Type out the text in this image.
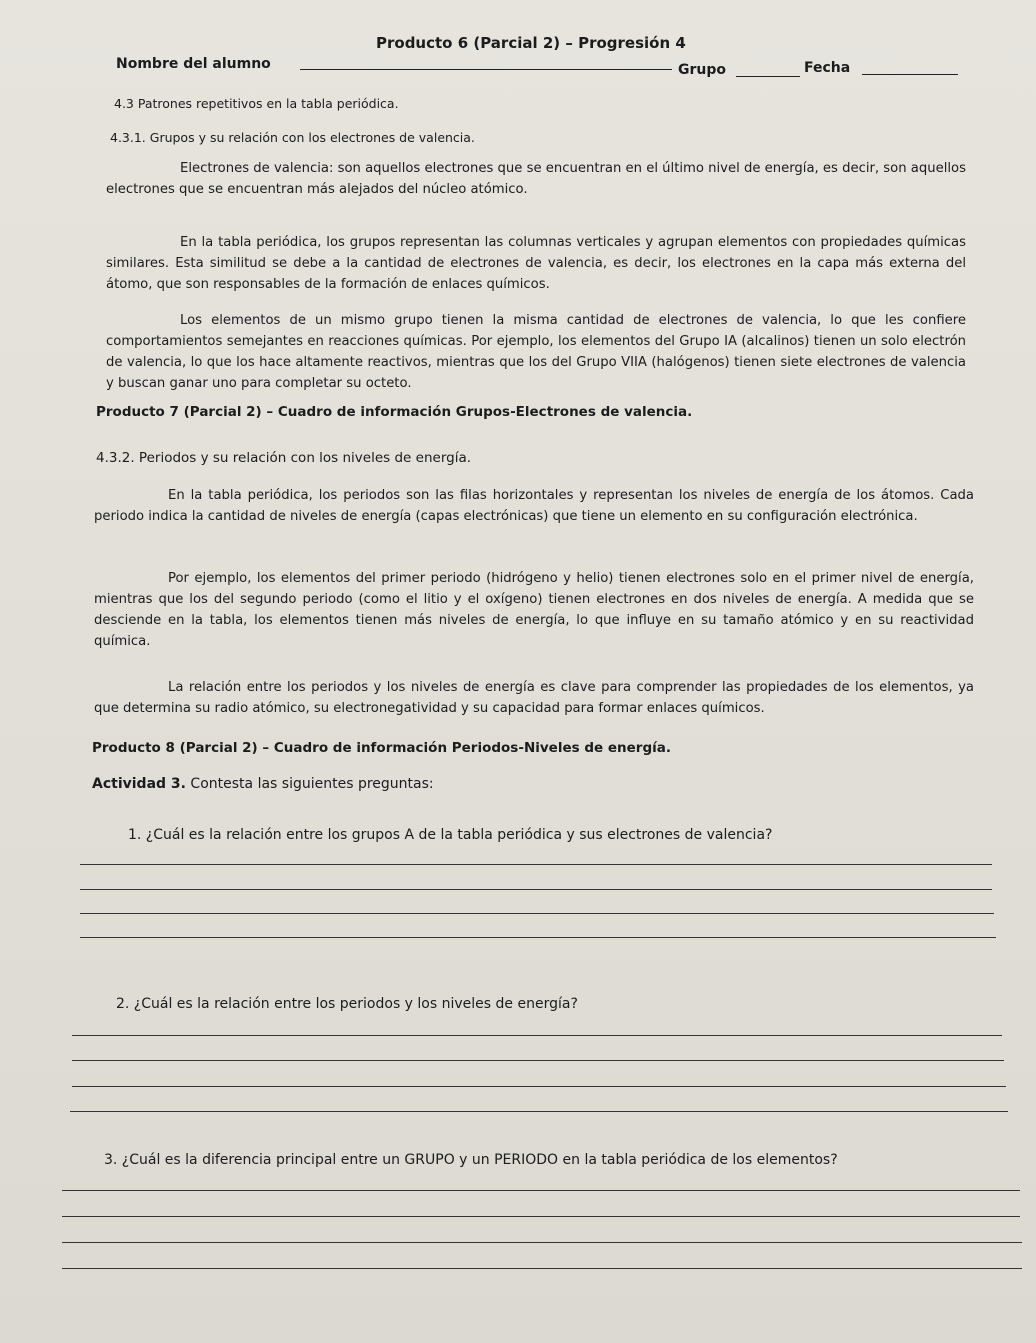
Producto 6 (Parcial 2) – Progresión 4
Nombre del alumno	Grupo	Fecha
4.3 Patrones repetitivos en la tabla periódica.
4.3.1. Grupos y su relación con los electrones de valencia.
Electrones de valencia: son aquellos electrones que se encuentran en el último nivel de energía, es decir, son aquellos electrones que se encuentran más alejados del núcleo atómico.
En la tabla periódica, los grupos representan las columnas verticales y agrupan elementos con propiedades químicas similares. Esta similitud se debe a la cantidad de electrones de valencia, es decir, los electrones en la capa más externa del átomo, que son responsables de la formación de enlaces químicos.
Los elementos de un mismo grupo tienen la misma cantidad de electrones de valencia, lo que les confiere comportamientos semejantes en reacciones químicas. Por ejemplo, los elementos del Grupo IA (alcalinos) tienen un solo electrón de valencia, lo que los hace altamente reactivos, mientras que los del Grupo VIIA (halógenos) tienen siete electrones de valencia y buscan ganar uno para completar su octeto.
Producto 7 (Parcial 2) – Cuadro de información Grupos-Electrones de valencia.
4.3.2. Periodos y su relación con los niveles de energía.
En la tabla periódica, los periodos son las filas horizontales y representan los niveles de energía de los átomos. Cada periodo indica la cantidad de niveles de energía (capas electrónicas) que tiene un elemento en su configuración electrónica.
Por ejemplo, los elementos del primer periodo (hidrógeno y helio) tienen electrones solo en el primer nivel de energía, mientras que los del segundo periodo (como el litio y el oxígeno) tienen electrones en dos niveles de energía. A medida que se desciende en la tabla, los elementos tienen más niveles de energía, lo que influye en su tamaño atómico y en su reactividad química.
La relación entre los periodos y los niveles de energía es clave para comprender las propiedades de los elementos, ya que determina su radio atómico, su electronegatividad y su capacidad para formar enlaces químicos.
Producto 8 (Parcial 2) – Cuadro de información Periodos-Niveles de energía.
Actividad 3. Contesta las siguientes preguntas:
1. ¿Cuál es la relación entre los grupos A de la tabla periódica y sus electrones de valencia?
2. ¿Cuál es la relación entre los periodos y los niveles de energía?
3. ¿Cuál es la diferencia principal entre un GRUPO y un PERIODO en la tabla periódica de los elementos?
